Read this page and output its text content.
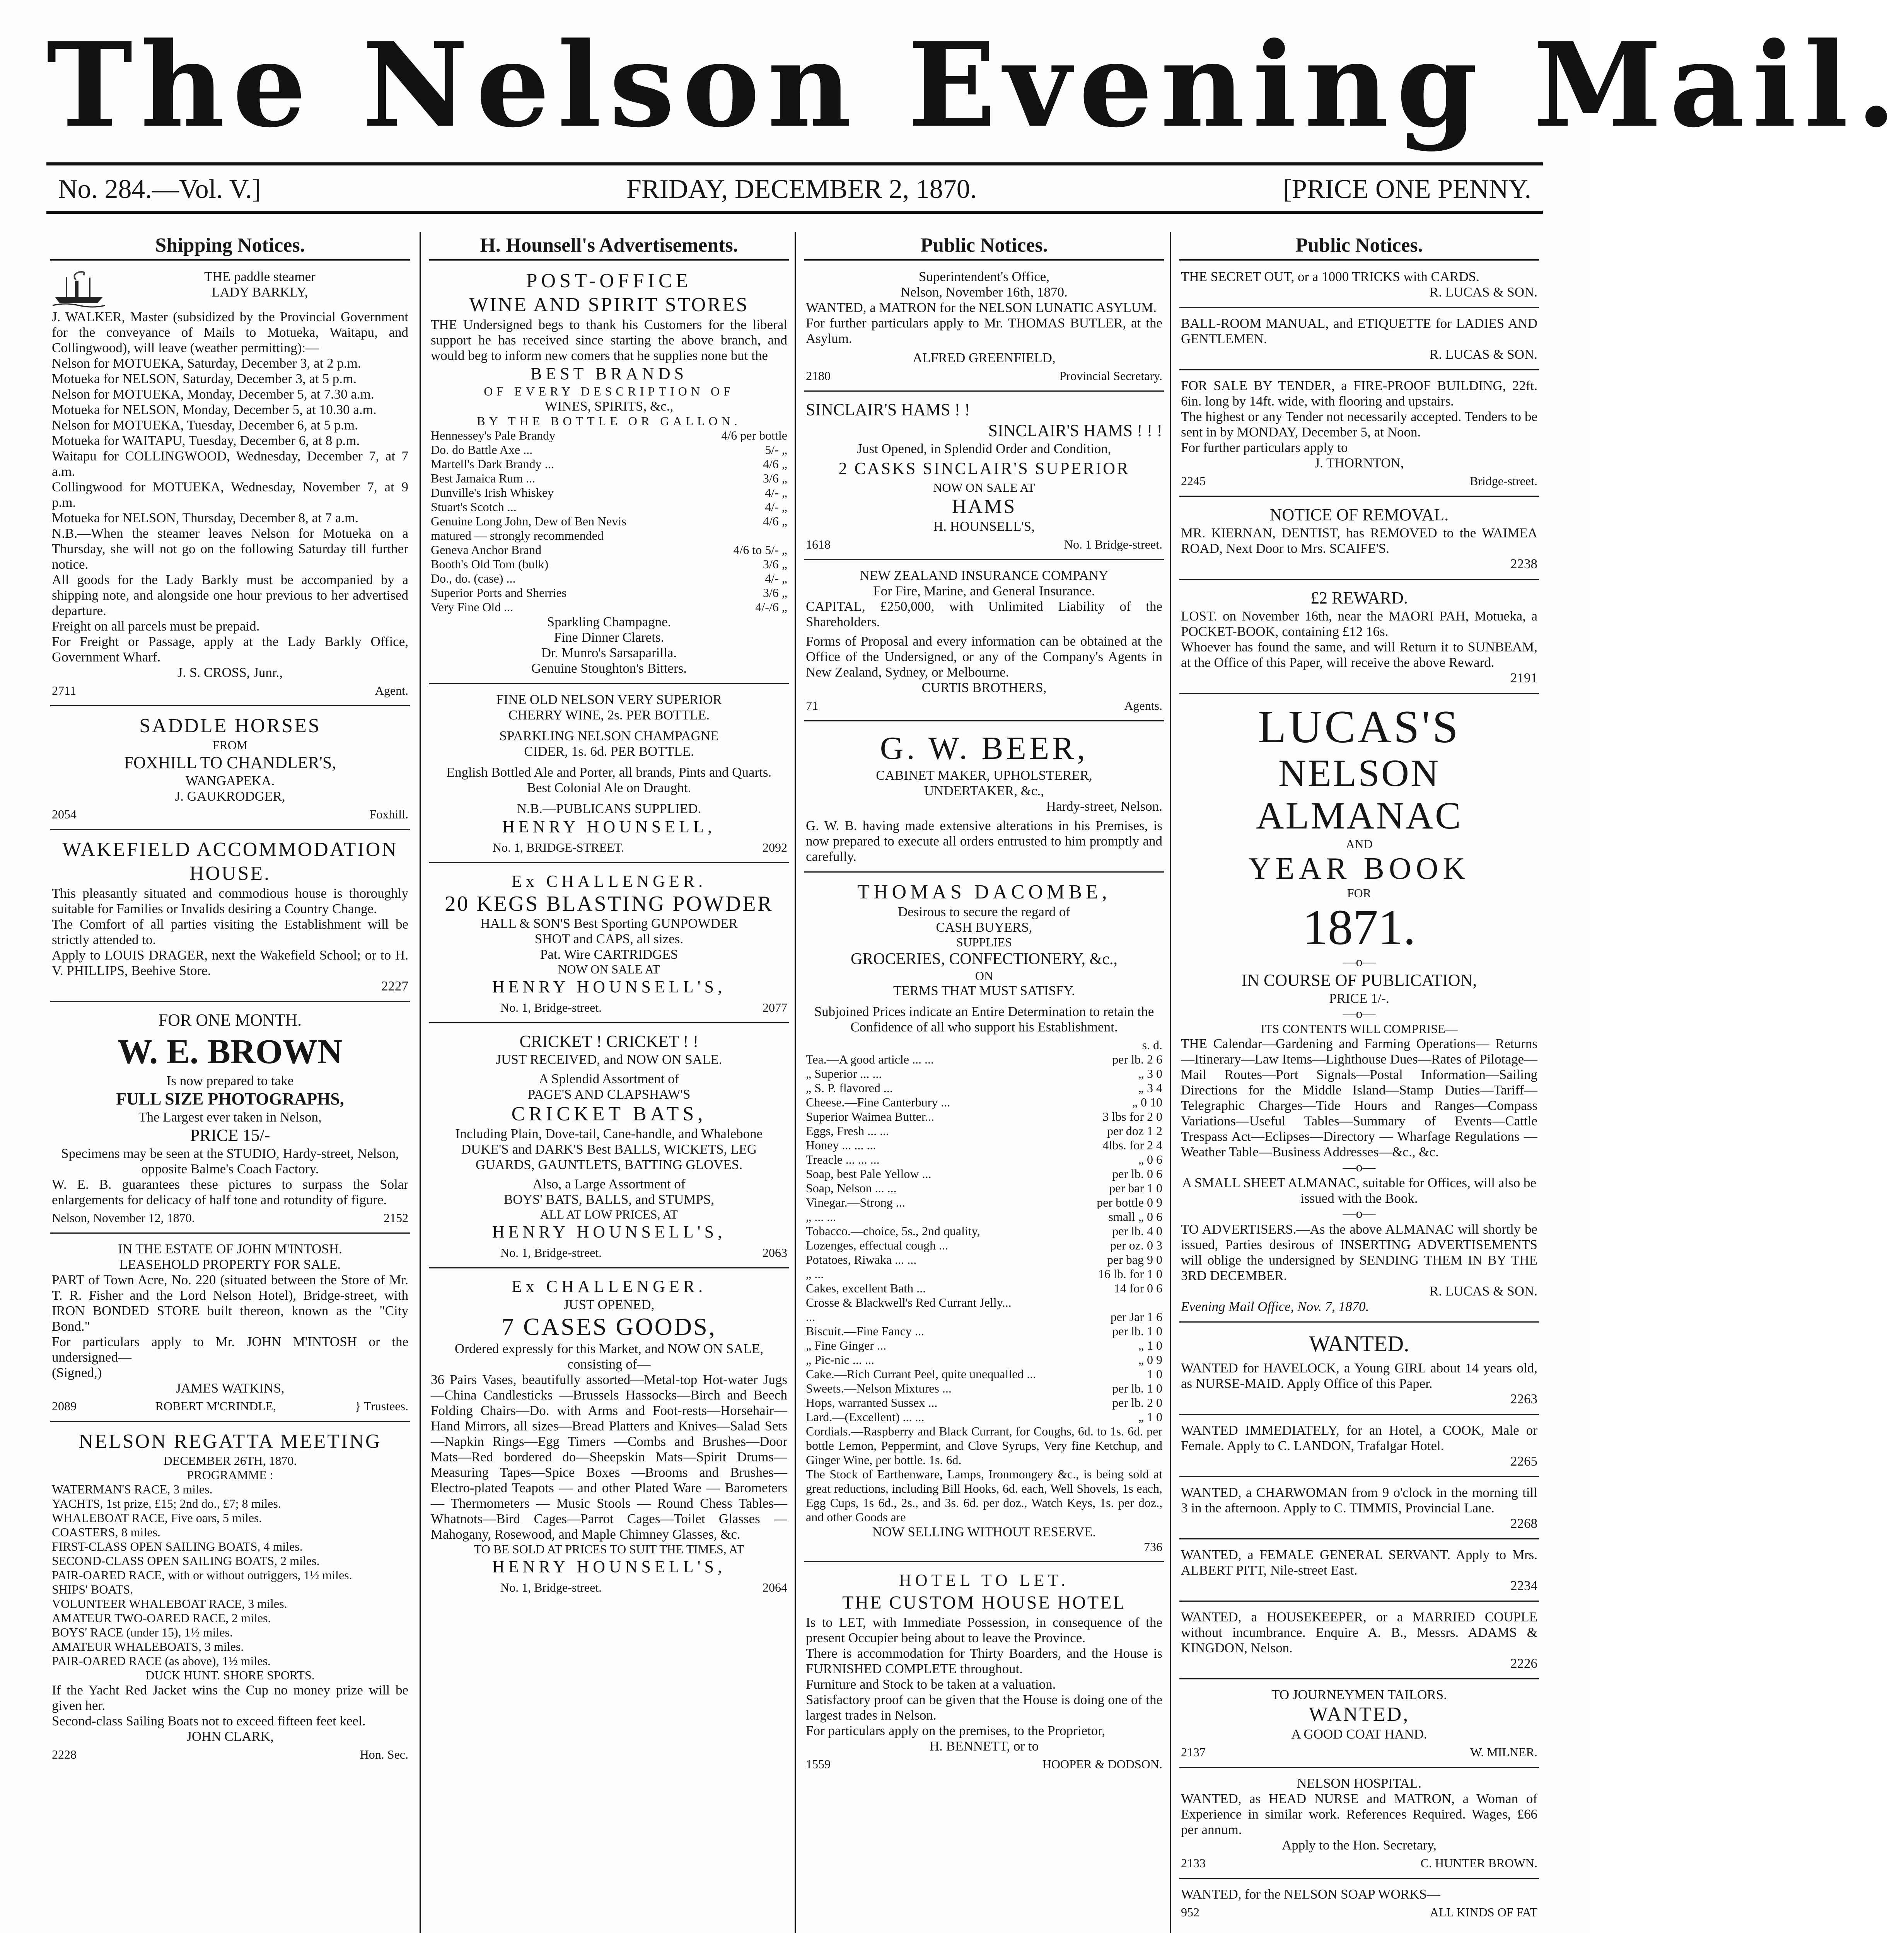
The Nelson Evening Mail.
No. 284.—Vol. V.]	FRIDAY, DECEMBER 2, 1870.	[PRICE ONE PENNY.
Shipping Notices.
THE paddle steamer
LADY BARKLY,
J. WALKER, Master (subsidized by the Provincial Government for the conveyance of Mails to Motueka, Waitapu, and Collingwood), will leave (weather permitting):—
Nelson for MOTUEKA, Saturday, December 3, at 2 p.m.
Motueka for NELSON, Saturday, December 3, at 5 p.m.
Nelson for MOTUEKA, Monday, December 5, at 7.30 a.m.
Motueka for NELSON, Monday, December 5, at 10.30 a.m.
Nelson for MOTUEKA, Tuesday, December 6, at 5 p.m.
Motueka for WAITAPU, Tuesday, December 6, at 8 p.m.
Waitapu for COLLINGWOOD, Wednesday, December 7, at 7 a.m.
Collingwood for MOTUEKA, Wednesday, November 7, at 9 p.m.
Motueka for NELSON, Thursday, December 8, at 7 a.m.
N.B.—When the steamer leaves Nelson for Motueka on a Thursday, she will not go on the following Saturday till further notice.
All goods for the Lady Barkly must be accompanied by a shipping note, and alongside one hour previous to her advertised departure.
Freight on all parcels must be prepaid.
For Freight or Passage, apply at the Lady Barkly Office, Government Wharf.
J. S. CROSS, Junr.,
2711	Agent.
SADDLE HORSES
FROM
FOXHILL TO CHANDLER'S,
WANGAPEKA.
J. GAUKRODGER,
2054	Foxhill.
WAKEFIELD ACCOMMODATION
HOUSE.
This pleasantly situated and commodious house is thoroughly suitable for Families or Invalids desiring a Country Change.
The Comfort of all parties visiting the Establishment will be strictly attended to.
Apply to LOUIS DRAGER, next the Wakefield School; or to H. V. PHILLIPS, Beehive Store.
2227
FOR ONE MONTH.
W. E. BROWN
Is now prepared to take
FULL SIZE PHOTOGRAPHS,
The Largest ever taken in Nelson,
PRICE 15/-
Specimens may be seen at the STUDIO, Hardy-street, Nelson, opposite Balme's Coach Factory.
W. E. B. guarantees these pictures to surpass the Solar enlargements for delicacy of half tone and rotundity of figure.
Nelson, November 12, 1870.	2152
IN THE ESTATE OF JOHN M'INTOSH.
LEASEHOLD PROPERTY FOR SALE.
PART of Town Acre, No. 220 (situated between the Store of Mr. T. R. Fisher and the Lord Nelson Hotel), Bridge-street, with IRON BONDED STORE built thereon, known as the "City Bond."
For particulars apply to Mr. JOHN M'INTOSH or the undersigned—
(Signed,)
JAMES WATKINS,
2089	ROBERT M'CRINDLE,	} Trustees.
NELSON REGATTA MEETING
DECEMBER 26TH, 1870.
PROGRAMME :
WATERMAN'S RACE, 3 miles.
YACHTS, 1st prize, £15; 2nd do., £7; 8 miles.
WHALEBOAT RACE, Five oars, 5 miles.
COASTERS, 8 miles.
FIRST-CLASS OPEN SAILING BOATS, 4 miles.
SECOND-CLASS OPEN SAILING BOATS, 2 miles.
PAIR-OARED RACE, with or without outriggers, 1½ miles.
SHIPS' BOATS.
VOLUNTEER WHALEBOAT RACE, 3 miles.
AMATEUR TWO-OARED RACE, 2 miles.
BOYS' RACE (under 15), 1½ miles.
AMATEUR WHALEBOATS, 3 miles.
PAIR-OARED RACE (as above), 1½ miles.
DUCK HUNT. SHORE SPORTS.
If the Yacht Red Jacket wins the Cup no money prize will be given her.
Second-class Sailing Boats not to exceed fifteen feet keel.
JOHN CLARK,
2228	Hon. Sec.
H. Hounsell's Advertisements.
POST-OFFICE
WINE AND SPIRIT STORES
THE Undersigned begs to thank his Customers for the liberal support he has received since starting the above branch, and would beg to inform new comers that he supplies none but the
BEST BRANDS
OF EVERY DESCRIPTION OF
WINES, SPIRITS, &c.,
BY THE BOTTLE OR GALLON.
Hennessey's Pale Brandy	4/6 per bottle
Do. do Battle Axe ...	5/- „
Martell's Dark Brandy ...	4/6 „
Best Jamaica Rum ...	3/6 „
Dunville's Irish Whiskey	4/- „
Stuart's Scotch ...	4/- „
Genuine Long John, Dew of Ben Nevis matured — strongly recommended
4/6 „
Geneva Anchor Brand	4/6 to 5/- „
Booth's Old Tom (bulk)	3/6 „
Do., do. (case) ...	4/- „
Superior Ports and Sherries	3/6 „
Very Fine Old ...	4/-/6 „
Sparkling Champagne.
Fine Dinner Clarets.
Dr. Munro's Sarsaparilla.
Genuine Stoughton's Bitters.
FINE OLD NELSON VERY SUPERIOR
CHERRY WINE, 2s. PER BOTTLE.
SPARKLING NELSON CHAMPAGNE
CIDER, 1s. 6d. PER BOTTLE.
English Bottled Ale and Porter, all brands, Pints and Quarts.
Best Colonial Ale on Draught.
N.B.—PUBLICANS SUPPLIED.
HENRY HOUNSELL,
No. 1, BRIDGE-STREET.	2092
Ex CHALLENGER.
20 KEGS BLASTING POWDER
HALL & SON'S Best Sporting GUNPOWDER
SHOT and CAPS, all sizes.
Pat. Wire CARTRIDGES
NOW ON SALE AT
HENRY HOUNSELL'S,
No. 1, Bridge-street.	2077
CRICKET ! CRICKET ! !
JUST RECEIVED, and NOW ON SALE.
A Splendid Assortment of
PAGE'S AND CLAPSHAW'S
CRICKET BATS,
Including Plain, Dove-tail, Cane-handle, and Whalebone DUKE'S and DARK'S Best BALLS, WICKETS, LEG GUARDS, GAUNTLETS, BATTING GLOVES.
Also, a Large Assortment of
BOYS' BATS, BALLS, and STUMPS,
ALL AT LOW PRICES, AT
HENRY HOUNSELL'S,
No. 1, Bridge-street.	2063
Ex CHALLENGER.
JUST OPENED,
7 CASES GOODS,
Ordered expressly for this Market, and NOW ON SALE, consisting of—
36 Pairs Vases, beautifully assorted—Metal-top Hot-water Jugs—China Candlesticks —Brussels Hassocks—Birch and Beech Folding Chairs—Do. with Arms and Foot-rests—Horsehair—Hand Mirrors, all sizes—Bread Platters and Knives—Salad Sets—Napkin Rings—Egg Timers —Combs and Brushes—Door Mats—Red bordered do—Sheepskin Mats—Spirit Drums—Measuring Tapes—Spice Boxes —Brooms and Brushes—Electro-plated Teapots — and other Plated Ware — Barometers — Thermometers — Music Stools — Round Chess Tables—Whatnots—Bird Cages—Parrot Cages—Toilet Glasses — Mahogany, Rosewood, and Maple Chimney Glasses, &c.
TO BE SOLD AT PRICES TO SUIT THE TIMES, AT
HENRY HOUNSELL'S,
No. 1, Bridge-street.	2064
Public Notices.
Superintendent's Office,
Nelson, November 16th, 1870.
WANTED, a MATRON for the NELSON LUNATIC ASYLUM.
For further particulars apply to Mr. THOMAS BUTLER, at the Asylum.
ALFRED GREENFIELD,
2180	Provincial Secretary.
SINCLAIR'S HAMS ! !
SINCLAIR'S HAMS ! ! !
Just Opened, in Splendid Order and Condition,
2 CASKS SINCLAIR'S SUPERIOR
NOW ON SALE AT
HAMS
H. HOUNSELL'S,
1618	No. 1 Bridge-street.
NEW ZEALAND INSURANCE COMPANY
For Fire, Marine, and General Insurance.
CAPITAL, £250,000, with Unlimited Liability of the Shareholders.
Forms of Proposal and every information can be obtained at the Office of the Undersigned, or any of the Company's Agents in New Zealand, Sydney, or Melbourne.
CURTIS BROTHERS,
71	Agents.
G. W. BEER,
CABINET MAKER, UPHOLSTERER,
UNDERTAKER, &c.,
Hardy-street, Nelson.
G. W. B. having made extensive alterations in his Premises, is now prepared to execute all orders entrusted to him promptly and carefully.
THOMAS DACOMBE,
Desirous to secure the regard of
CASH BUYERS,
SUPPLIES
GROCERIES, CONFECTIONERY, &c.,
ON
TERMS THAT MUST SATISFY.
Subjoined Prices indicate an Entire Determination to retain the Confidence of all who support his Establishment.
s. d.
Tea.—A good article ... ...	per lb. 2 6
„ Superior ... ...	„ 3 0
„ S. P. flavored ...	„ 3 4
Cheese.—Fine Canterbury ...	„ 0 10
Superior Waimea Butter...	3 lbs for 2 0
Eggs, Fresh ... ...	per doz 1 2
Honey ... ... ...	4lbs. for 2 4
Treacle ... ... ...	„ 0 6
Soap, best Pale Yellow ...	per lb. 0 6
Soap, Nelson ... ...	per bar 1 0
Vinegar.—Strong ...	per bottle 0 9
„ ... ...	small „ 0 6
Tobacco.—choice, 5s., 2nd quality,	per lb. 4 0
Lozenges, effectual cough ...	per oz. 0 3
Potatoes, Riwaka ... ...	per bag 9 0
„ ...	16 lb. for 1 0
Cakes, excellent Bath ...	14 for 0 6
Crosse & Blackwell's Red Currant Jelly... ...	per Jar 1 6
Biscuit.—Fine Fancy ...	per lb. 1 0
„ Fine Ginger ...	„ 1 0
„ Pic-nic ... ...	„ 0 9
Cake.—Rich Currant Peel, quite unequalled ...	1 0
Sweets.—Nelson Mixtures ...	per lb. 1 0
Hops, warranted Sussex ...	per lb. 2 0
Lard.—(Excellent) ... ...	„ 1 0
Cordials.—Raspberry and Black Currant, for Coughs, 6d. to 1s. 6d. per bottle Lemon, Peppermint, and Clove Syrups, Very fine Ketchup, and Ginger Wine, per bottle. 1s. 6d.
The Stock of Earthenware, Lamps, Ironmongery &c., is being sold at great reductions, including Bill Hooks, 6d. each, Well Shovels, 1s each, Egg Cups, 1s 6d., 2s., and 3s. 6d. per doz., Watch Keys, 1s. per doz., and other Goods are
NOW SELLING WITHOUT RESERVE.
736
HOTEL TO LET.
THE CUSTOM HOUSE HOTEL
Is to LET, with Immediate Possession, in consequence of the present Occupier being about to leave the Province.
There is accommodation for Thirty Boarders, and the House is FURNISHED COMPLETE throughout.
Furniture and Stock to be taken at a valuation.
Satisfactory proof can be given that the House is doing one of the largest trades in Nelson.
For particulars apply on the premises, to the Proprietor,
H. BENNETT, or to
1559	HOOPER & DODSON.
Public Notices.
THE SECRET OUT, or a 1000 TRICKS with CARDS.
R. LUCAS & SON.
BALL-ROOM MANUAL, and ETIQUETTE for LADIES AND GENTLEMEN.
R. LUCAS & SON.
FOR SALE BY TENDER, a FIRE-PROOF BUILDING, 22ft. 6in. long by 14ft. wide, with flooring and upstairs.
The highest or any Tender not necessarily accepted. Tenders to be sent in by MONDAY, December 5, at Noon.
For further particulars apply to
J. THORNTON,
2245	Bridge-street.
NOTICE OF REMOVAL.
MR. KIERNAN, DENTIST, has REMOVED to the WAIMEA ROAD, Next Door to Mrs. SCAIFE'S.
2238
£2 REWARD.
LOST. on November 16th, near the MAORI PAH, Motueka, a POCKET-BOOK, containing £12 16s.
Whoever has found the same, and will Return it to SUNBEAM, at the Office of this Paper, will receive the above Reward.
2191
LUCAS'S
NELSON ALMANAC
AND
YEAR BOOK
FOR
1871.
—o—
IN COURSE OF PUBLICATION,
PRICE 1/-.
—o—
ITS CONTENTS WILL COMPRISE—
THE Calendar—Gardening and Farming Operations— Returns—Itinerary—Law Items—Lighthouse Dues—Rates of Pilotage—Mail Routes—Port Signals—Postal Information—Sailing Directions for the Middle Island—Stamp Duties—Tariff—Telegraphic Charges—Tide Hours and Ranges—Compass Variations—Useful Tables—Summary of Events—Cattle Trespass Act—Eclipses—Directory — Wharfage Regulations — Weather Table—Business Addresses—&c., &c.
—o—
A SMALL SHEET ALMANAC, suitable for Offices, will also be issued with the Book.
—o—
TO ADVERTISERS.—As the above ALMANAC will shortly be issued, Parties desirous of INSERTING ADVERTISEMENTS will oblige the undersigned by SENDING THEM IN BY THE 3RD DECEMBER.
R. LUCAS & SON.
Evening Mail Office, Nov. 7, 1870.
WANTED.
WANTED for HAVELOCK, a Young GIRL about 14 years old, as NURSE-MAID. Apply Office of this Paper.
2263
WANTED IMMEDIATELY, for an Hotel, a COOK, Male or Female. Apply to C. LANDON, Trafalgar Hotel.
2265
WANTED, a CHARWOMAN from 9 o'clock in the morning till 3 in the afternoon. Apply to C. TIMMIS, Provincial Lane.
2268
WANTED, a FEMALE GENERAL SERVANT. Apply to Mrs. ALBERT PITT, Nile-street East.
2234
WANTED, a HOUSEKEEPER, or a MARRIED COUPLE without incumbrance. Enquire A. B., Messrs. ADAMS & KINGDON, Nelson.
2226
TO JOURNEYMEN TAILORS.
WANTED,
A GOOD COAT HAND.
2137	W. MILNER.
NELSON HOSPITAL.
WANTED, as HEAD NURSE and MATRON, a Woman of Experience in similar work. References Required. Wages, £66 per annum.
Apply to the Hon. Secretary,
2133	C. HUNTER BROWN.
WANTED, for the NELSON SOAP WORKS—
952	ALL KINDS OF FAT
